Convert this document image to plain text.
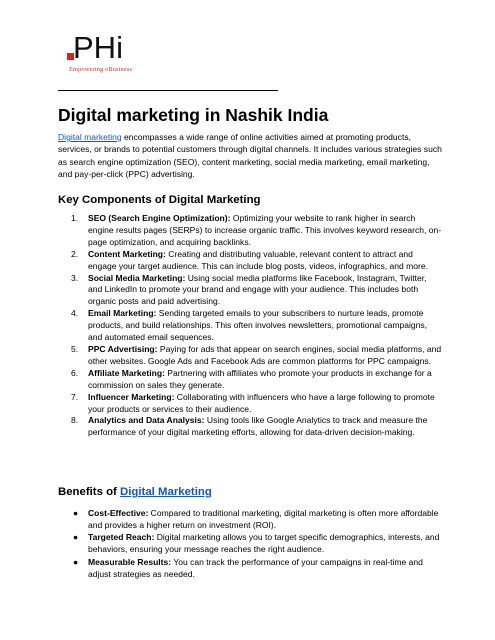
PHi
Empowering eBusiness
Digital marketing in Nashik India

Digital marketing encompasses a wide range of online activities aimed at promoting products, services, or brands to potential customers through digital channels. It includes various strategies such as search engine optimization (SEO), content marketing, social media marketing, email marketing, and pay-per-click (PPC) advertising.

Key Components of Digital Marketing
1. SEO (Search Engine Optimization): Optimizing your website to rank higher in search engine results pages (SERPs) to increase organic traffic. This involves keyword research, on-page optimization, and acquiring backlinks.
2. Content Marketing: Creating and distributing valuable, relevant content to attract and engage your target audience. This can include blog posts, videos, infographics, and more.
3. Social Media Marketing: Using social media platforms like Facebook, Instagram, Twitter, and LinkedIn to promote your brand and engage with your audience. This includes both organic posts and paid advertising.
4. Email Marketing: Sending targeted emails to your subscribers to nurture leads, promote products, and build relationships. This often involves newsletters, promotional campaigns, and automated email sequences.
5. PPC Advertising: Paying for ads that appear on search engines, social media platforms, and other websites. Google Ads and Facebook Ads are common platforms for PPC campaigns.
6. Affiliate Marketing: Partnering with affiliates who promote your products in exchange for a commission on sales they generate.
7. Influencer Marketing: Collaborating with influencers who have a large following to promote your products or services to their audience.
8. Analytics and Data Analysis: Using tools like Google Analytics to track and measure the performance of your digital marketing efforts, allowing for data-driven decision-making.
Benefits of Digital Marketing
● Cost-Effective: Compared to traditional marketing, digital marketing is often more affordable and provides a higher return on investment (ROI).
● Targeted Reach: Digital marketing allows you to target specific demographics, interests, and behaviors, ensuring your message reaches the right audience.
● Measurable Results: You can track the performance of your campaigns in real-time and adjust strategies as needed.
